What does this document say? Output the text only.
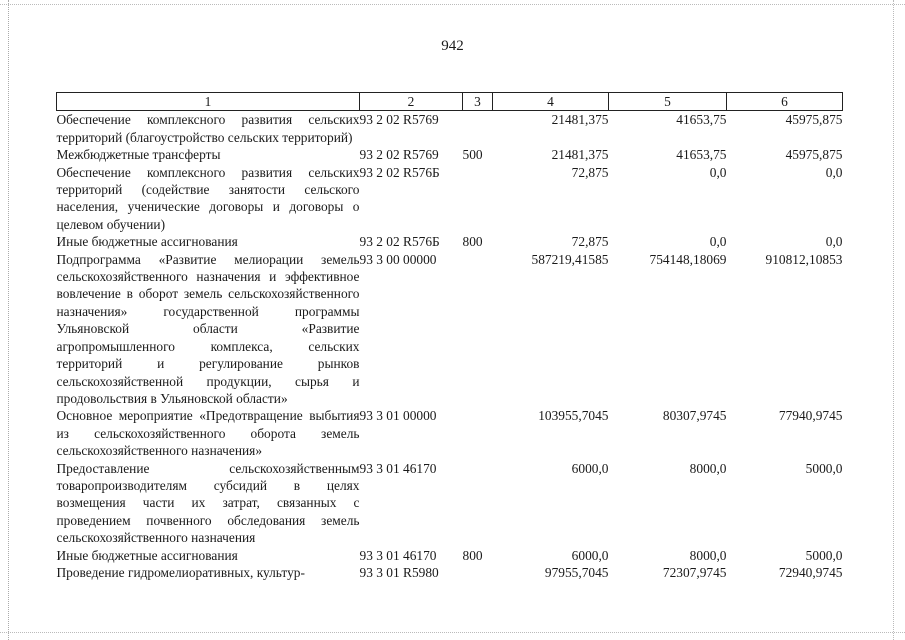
942
1	2	3	4	5	6
Обеспечение комплексного развития сельских территорий (благоустройство сельских территорий)	93 2 02 R5769		21481,375	41653,75	45975,875
Межбюджетные трансферты	93 2 02 R5769	500	21481,375	41653,75	45975,875
Обеспечение комплексного развития сельских территорий (содействие занятости сельского населения, ученические договоры и договоры о целевом обучении)	93 2 02 R576Б		72,875	0,0	0,0
Иные бюджетные ассигнования	93 2 02 R576Б	800	72,875	0,0	0,0
Подпрограмма «Развитие мелиорации земель сельскохозяйственного назначения и эффективное вовлечение в оборот земель сельскохозяйственного назначения» государственной программы Ульяновской области «Развитие агропромышленного комплекса, сельских территорий и регулирование рынков сельскохозяйственной продукции, сырья и продовольствия в Ульяновской области»	93 3 00 00000		587219,41585	754148,18069	910812,10853
Основное мероприятие «Предотвращение выбытия из сельскохозяйственного оборота земель сельскохозяйственного назначения»	93 3 01 00000		103955,7045	80307,9745	77940,9745
Предоставление сельскохозяйственным товаропроизводителям субсидий в целях возмещения части их затрат, связанных с проведением почвенного обследования земель сельскохозяйственного назначения	93 3 01 46170		6000,0	8000,0	5000,0
Иные бюджетные ассигнования	93 3 01 46170	800	6000,0	8000,0	5000,0
Проведение гидромелиоративных, культур-	93 3 01 R5980		97955,7045	72307,9745	72940,9745
